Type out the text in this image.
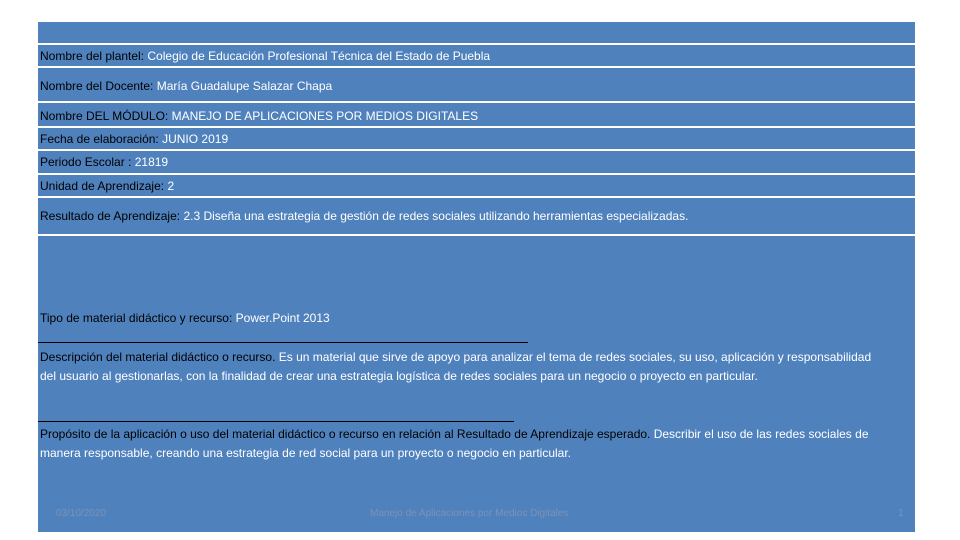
Nombre del plantel: Colegio de Educación Profesional Técnica del Estado de Puebla
Nombre del Docente: María Guadalupe Salazar Chapa
Nombre DEL MÓDULO: MANEJO DE APLICACIONES POR MEDIOS DIGITALES
Fecha de elaboración: JUNIO 2019
Periodo Escolar : 21819
Unidad de Aprendizaje: 2
Resultado de Aprendizaje: 2.3 Diseña una estrategia de gestión de redes sociales utilizando herramientas especializadas.
Tipo de material didáctico y recurso: Power.Point 2013
Descripción del material didáctico o recurso. Es un material que sirve de apoyo para analizar el tema de redes sociales, su uso, aplicación y responsabilidad del usuario al gestionarlas, con la finalidad de crear una estrategia logística de redes sociales para un negocio o proyecto en particular.
Propósito de la aplicación o uso del material didáctico o recurso en relación al Resultado de Aprendizaje esperado. Describir el uso de las redes sociales de manera responsable, creando una estrategia de red social para un proyecto o negocio en particular.
03/10/2020	Manejo de Aplicaciones por Medios Digitales	1
